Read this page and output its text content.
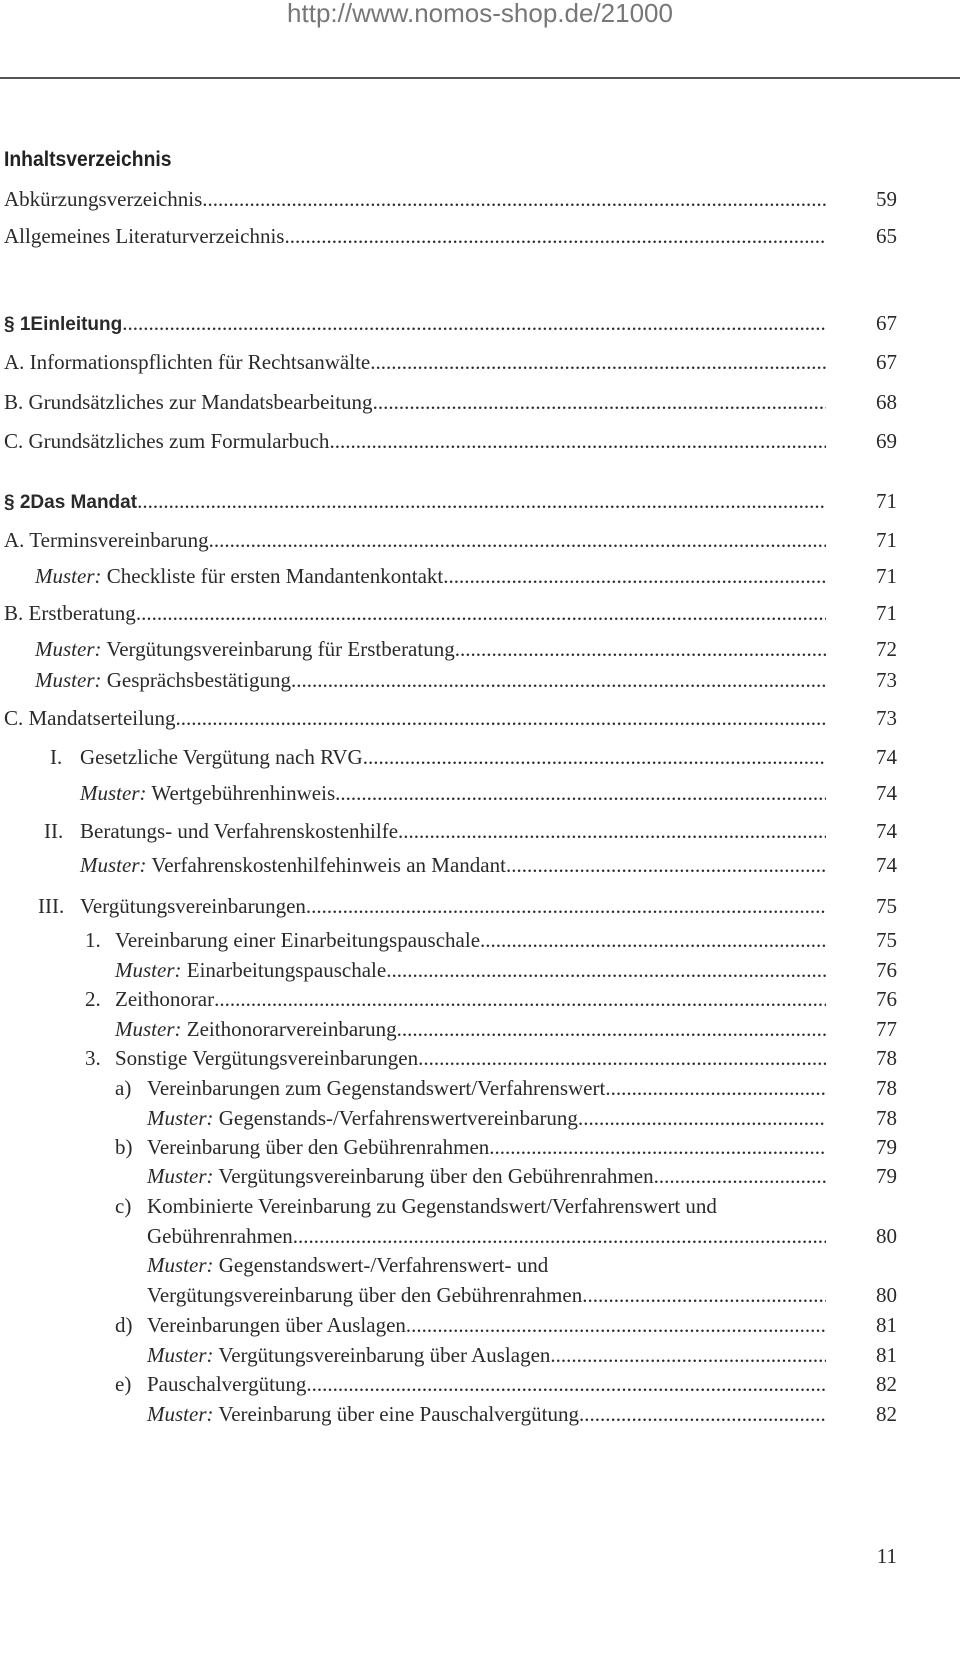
http://www.nomos-shop.de/21000
Inhaltsverzeichnis
Abkürzungsverzeichnis .....	59
Allgemeines Literaturverzeichnis .....	65
§ 1 Einleitung .....	67
A. Informationspflichten für Rechtsanwälte .....	67
B. Grundsätzliches zur Mandatsbearbeitung .....	68
C. Grundsätzliches zum Formularbuch .....	69
§ 2 Das Mandat .....	71
A. Terminsvereinbarung .....	71
Muster: Checkliste für ersten Mandantenkontakt .....	71
B. Erstberatung .....	71
Muster: Vergütungsvereinbarung für Erstberatung .....	72
Muster: Gesprächsbestätigung .....	73
C. Mandatserteilung .....	73
I. Gesetzliche Vergütung nach RVG .....	74
Muster: Wertgebührenhinweis .....	74
II. Beratungs- und Verfahrenskostenhilfe .....	74
Muster: Verfahrenskostenhilfehinweis an Mandant .....	74
III. Vergütungsvereinbarungen .....	75
1. Vereinbarung einer Einarbeitungspauschale .....	75
Muster: Einarbeitungspauschale .....	76
2. Zeithonorar .....	76
Muster: Zeithonorarvereinbarung .....	77
3. Sonstige Vergütungsvereinbarungen .....	78
a) Vereinbarungen zum Gegenstandswert/Verfahrenswert .....	78
Muster: Gegenstands-/Verfahrenswertvereinbarung .....	78
b) Vereinbarung über den Gebührenrahmen .....	79
Muster: Vergütungsvereinbarung über den Gebührenrahmen .....	79
c) Kombinierte Vereinbarung zu Gegenstandswert/Verfahrenswert und
Gebührenrahmen .....	80
Muster: Gegenstandswert-/Verfahrenswert- und
Vergütungsvereinbarung über den Gebührenrahmen .....	80
d) Vereinbarungen über Auslagen .....	81
Muster: Vergütungsvereinbarung über Auslagen .....	81
e) Pauschalvergütung .....	82
Muster: Vereinbarung über eine Pauschalvergütung .....	82
11
